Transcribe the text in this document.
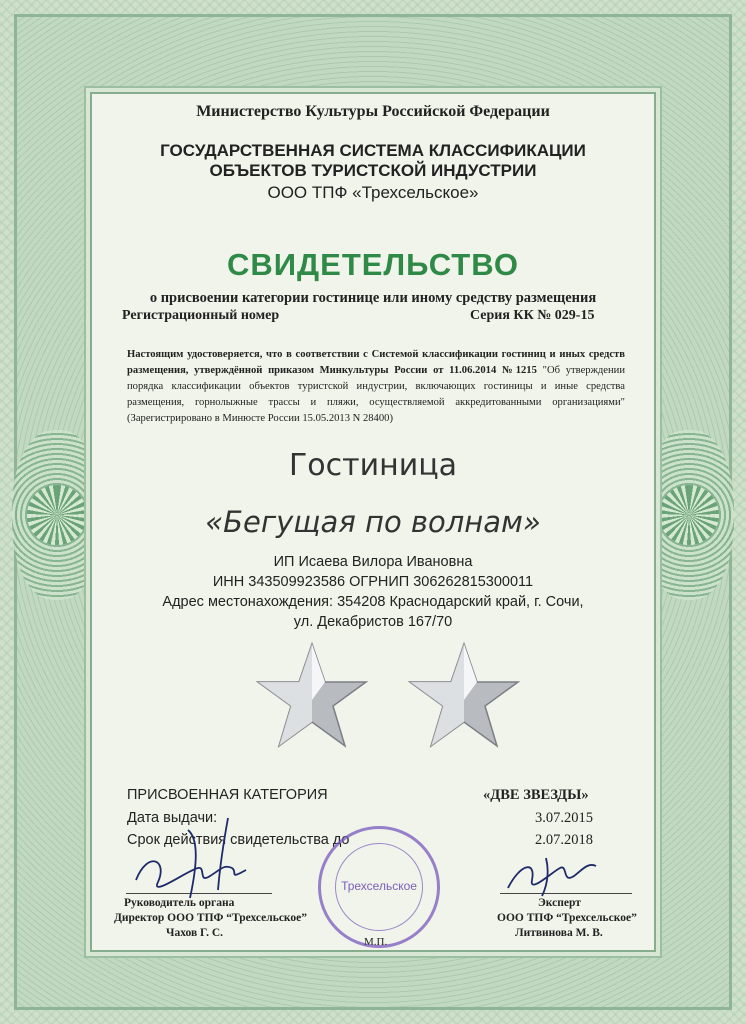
Министерство Культуры Российской Федерации
ГОСУДАРСТВЕННАЯ СИСТЕМА КЛАССИФИКАЦИИ
ОБЪЕКТОВ ТУРИСТСКОЙ ИНДУСТРИИ
ООО ТПФ «Трехсельское»
СВИДЕТЕЛЬСТВО
о присвоении категории гостинице или иному средству размещения
Регистрационный номер	Серия КК № 029-15
Настоящим удостоверяется, что в соответствии с Системой классификации гостиниц и иных средств размещения, утверждённой приказом Минкультуры России от 11.06.2014 №1215 "Об утверждении порядка классификации объектов туристской индустрии, включающих гостиницы и иные средства размещения, горнолыжные трассы и пляжи, осуществляемой аккредитованными организациями" (Зарегистрировано в Минюсте России 15.05.2013 N 28400)
Гостиница
«Бегущая по волнам»
ИП Исаева Вилора Ивановна
ИНН 343509923586 ОГРНИП 306262815300011
Адрес местонахождения: 354208 Краснодарский край, г. Сочи,
ул. Декабристов 167/70
ПРИСВОЕННАЯ КАТЕГОРИЯ	«ДВЕ ЗВЕЗДЫ»
Дата выдачи:	3.07.2015
Срок действия свидетельства до	2.07.2018
Трехсельское
Руководитель органа
Директор ООО ТПФ “Трехсельское”
Чахов Г. С.
М.П.
Эксперт
ООО ТПФ “Трехсельское”
Литвинова М. В.
